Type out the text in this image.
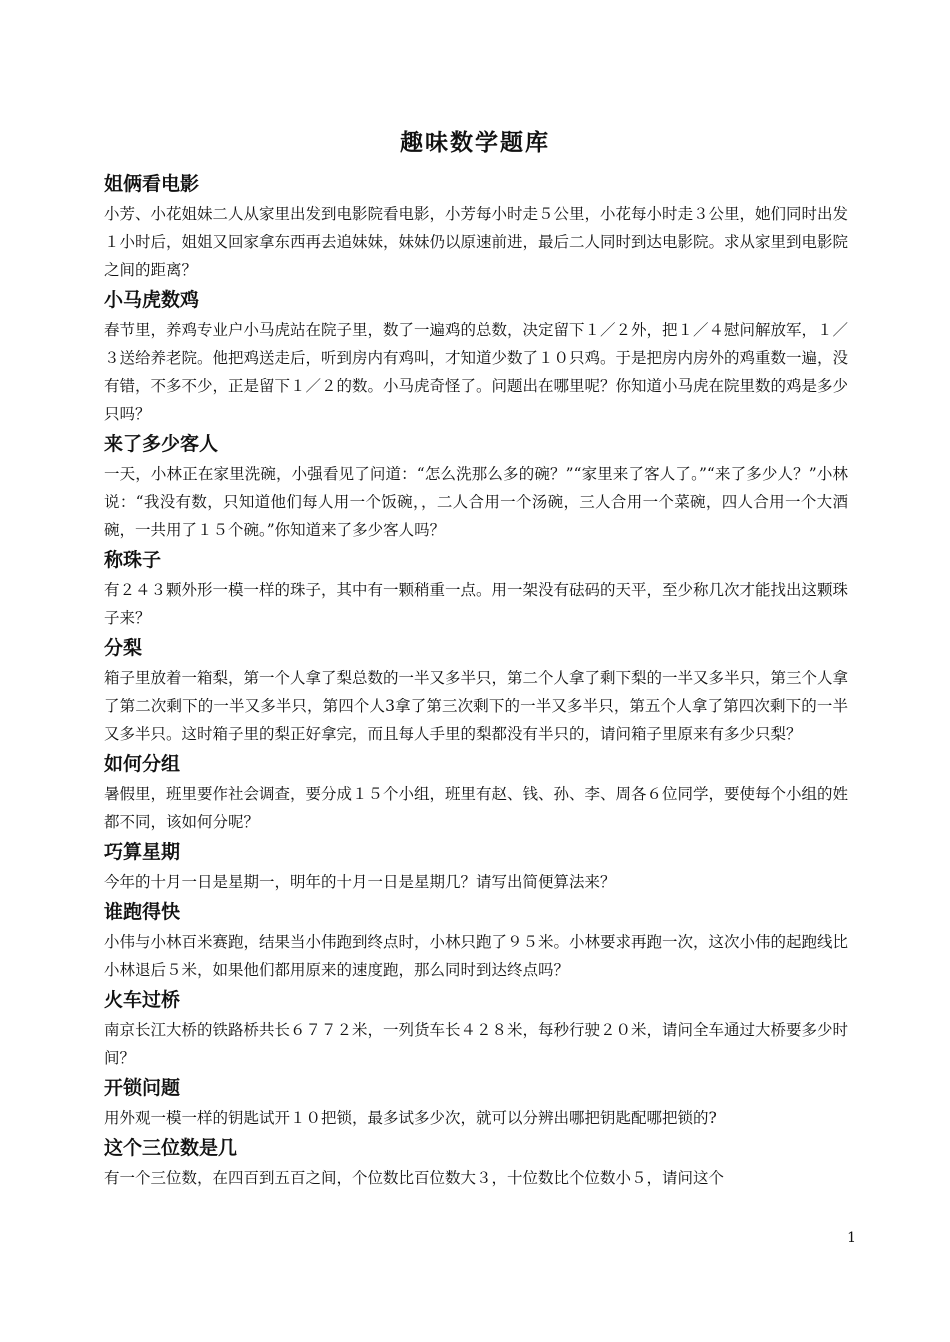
趣味数学题库
姐俩看电影

小芳、小花姐妹二人从家里出发到电影院看电影，小芳每小时走５公里，小花每小时走３公里，她们同时出发１小时后，姐姐又回家拿东西再去追妹妹，妹妹仍以原速前进，最后二人同时到达电影院。求从家里到电影院之间的距离？

小马虎数鸡

春节里，养鸡专业户小马虎站在院子里，数了一遍鸡的总数，决定留下１／２外，把１／４慰问解放军，１／３送给养老院。他把鸡送走后，听到房内有鸡叫，才知道少数了１０只鸡。于是把房内房外的鸡重数一遍，没有错，不多不少，正是留下１／２的数。小马虎奇怪了。问题出在哪里呢？你知道小马虎在院里数的鸡是多少只吗？

来了多少客人

一天，小林正在家里洗碗，小强看见了问道：“怎么洗那么多的碗？”“家里来了客人了。”“来了多少人？”小林说：“我没有数，只知道他们每人用一个饭碗，，二人合用一个汤碗，三人合用一个菜碗，四人合用一个大酒碗，一共用了１５个碗。”你知道来了多少客人吗？

称珠子

有２４３颗外形一模一样的珠子，其中有一颗稍重一点。用一架没有砝码的天平，至少称几次才能找出这颗珠子来？

分梨

箱子里放着一箱梨，第一个人拿了梨总数的一半又多半只，第二个人拿了剩下梨的一半又多半只，第三个人拿了第二次剩下的一半又多半只，第四个人3拿了第三次剩下的一半又多半只，第五个人拿了第四次剩下的一半又多半只。这时箱子里的梨正好拿完，而且每人手里的梨都没有半只的，请问箱子里原来有多少只梨？

如何分组

暑假里，班里要作社会调查，要分成１５个小组，班里有赵、钱、孙、李、周各６位同学，要使每个小组的姓都不同，该如何分呢？

巧算星期

今年的十月一日是星期一，明年的十月一日是星期几？请写出简便算法来？

谁跑得快

小伟与小林百米赛跑，结果当小伟跑到终点时，小林只跑了９５米。小林要求再跑一次，这次小伟的起跑线比小林退后５米，如果他们都用原来的速度跑，那么同时到达终点吗？

火车过桥

南京长江大桥的铁路桥共长６７７２米，一列货车长４２８米，每秒行驶２０米，请问全车通过大桥要多少时间？

开锁问题

用外观一模一样的钥匙试开１０把锁，最多试多少次，就可以分辨出哪把钥匙配哪把锁的?

这个三位数是几

有一个三位数，在四百到五百之间，个位数比百位数大３，十位数比个位数小５，请问这个

1
